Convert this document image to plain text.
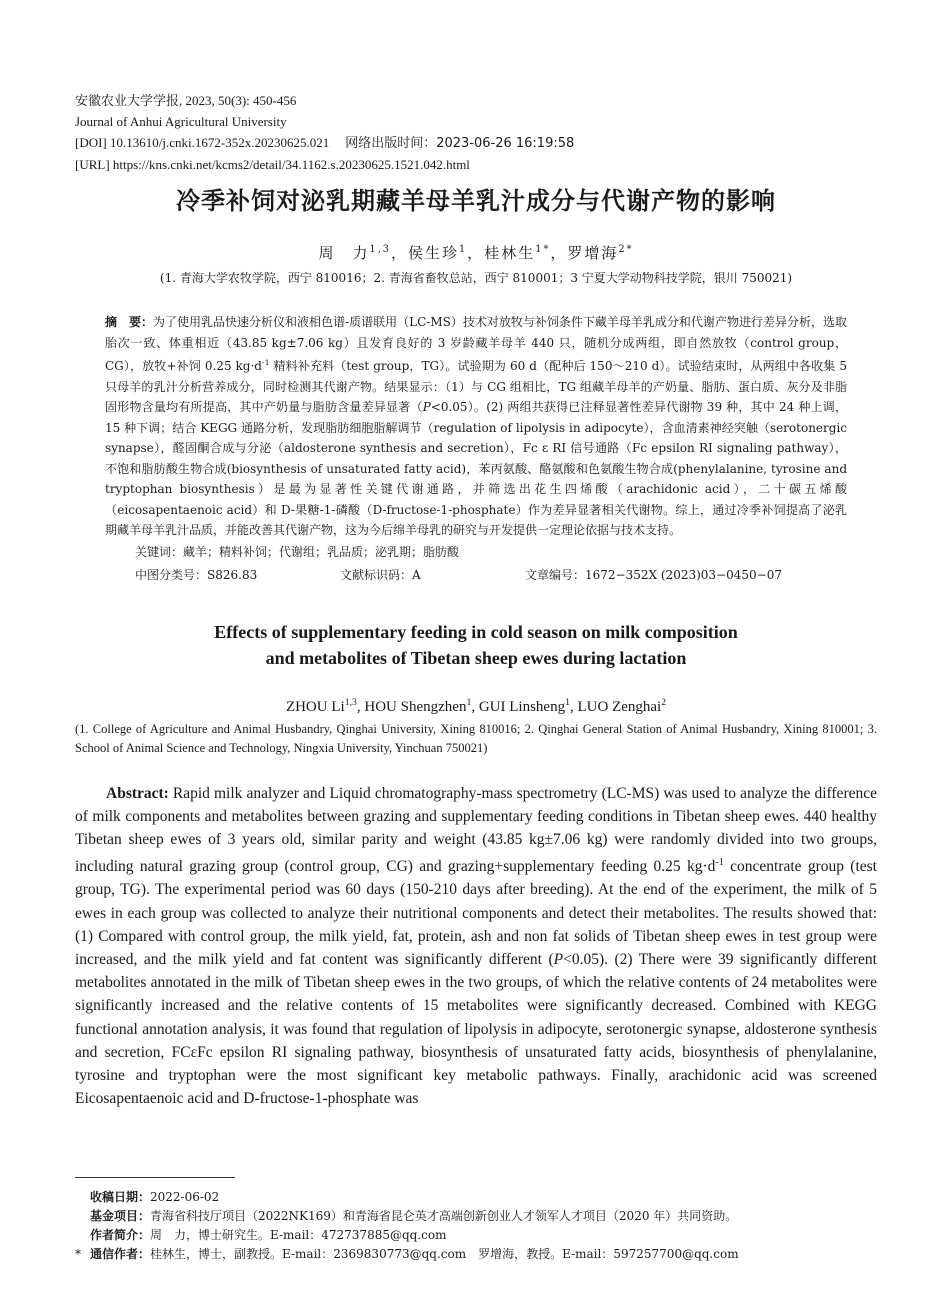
安徽农业大学学报, 2023, 50(3): 450-456
Journal of Anhui Agricultural University
[DOI] 10.13610/j.cnki.1672-352x.20230625.021 网络出版时间：2023-06-26 16:19:58
[URL] https://kns.cnki.net/kcms2/detail/34.1162.s.20230625.1521.042.html
冷季补饲对泌乳期藏羊母羊乳汁成分与代谢产物的影响
周　力$^{1,3}$，侯生珍$^1$，桂林生$^{1*}$，罗增海$^{2*}$
(1. 青海大学农牧学院，西宁 810016；2. 青海省畜牧总站，西宁 810001；3 宁夏大学动物科技学院，银川 750021)
摘　要：为了使用乳品快速分析仪和液相色谱-质谱联用（LC-MS）技术对放牧与补饲条件下藏羊母羊乳成分和代谢产物进行差异分析，选取胎次一致、体重相近（43.85 kg±7.06 kg）且发育良好的 3 岁龄藏羊母羊 440 只，随机分成两组，即自然放牧（control group，CG），放牧+补饲 0.25 $kg\cdot d^{-1}$ 精料补充料（test group，TG）。试验期为 60 d（配种后 150～210 d）。试验结束时，从两组中各收集 5 只母羊的乳汁分析营养成分，同时检测其代谢产物。结果显示：（1）与 CG 组相比，TG 组藏羊母羊的产奶量、脂肪、蛋白质、灰分及非脂固形物含量均有所提高，其中产奶量与脂肪含量差异显著（P<0.05）。(2) 两组共获得已注释显著性差异代谢物 39 种，其中 24 种上调，15 种下调；结合 KEGG 通路分析，发现脂肪细胞脂解调节（regulation of lipolysis in adipocyte），含血清素神经突触（serotonergic synapse），醛固酮合成与分泌（aldosterone synthesis and secretion），Fc ε RI 信号通路（Fc epsilon RI signaling pathway），不饱和脂肪酸生物合成(biosynthesis of unsaturated fatty acid)，苯丙氨酸、酪氨酸和色氨酸生物合成(phenylalanine, tyrosine and tryptophan biosynthesis）是最为显著性关键代谢通路，并筛选出花生四烯酸（arachidonic acid），二十碳五烯酸（eicosapentaenoic acid）和 D-果糖-1-磷酸（D-fructose-1-phosphate）作为差异显著相关代谢物。综上，通过冷季补饲提高了泌乳期藏羊母羊乳汁品质，并能改善其代谢产物，这为今后绵羊母乳的研究与开发提供一定理论依据与技术支持。
关键词：藏羊；精料补饲；代谢组；乳品质；泌乳期；脂肪酸
中图分类号：S826.83	文献标识码：A	文章编号：1672−352X (2023)03−0450−07
Effects of supplementary feeding in cold season on milk composition
and metabolites of Tibetan sheep ewes during lactation
ZHOU Li$^{1,3}$, HOU Shengzhen$^1$, GUI Linsheng$^1$, LUO Zenghai$^2$
(1. College of Agriculture and Animal Husbandry, Qinghai University, Xining 810016; 2. Qinghai General Station of Animal Husbandry, Xining 810001; 3. School of Animal Science and Technology, Ningxia University, Yinchuan 750021)
Abstract: Rapid milk analyzer and Liquid chromatography-mass spectrometry (LC-MS) was used to analyze the difference of milk components and metabolites between grazing and supplementary feeding conditions in Tibetan sheep ewes. 440 healthy Tibetan sheep ewes of 3 years old, similar parity and weight (43.85 kg±7.06 kg) were randomly divided into two groups, including natural grazing group (control group, CG) and grazing+supplementary feeding 0.25 $kg\cdot d^{-1}$ concentrate group (test group, TG). The experimental period was 60 days (150-210 days after breeding). At the end of the experiment, the milk of 5 ewes in each group was collected to analyze their nutritional components and detect their metabolites. The results showed that:(1) Compared with control group, the milk yield, fat, protein, ash and non fat solids of Tibetan sheep ewes in test group were increased, and the milk yield and fat content was significantly different (P<0.05). (2) There were 39 significantly different metabolites annotated in the milk of Tibetan sheep ewes in the two groups, of which the relative contents of 24 metabolites were significantly increased and the relative contents of 15 metabolites were significantly decreased. Combined with KEGG functional annotation analysis, it was found that regulation of lipolysis in adipocyte, serotonergic synapse, aldosterone synthesis and secretion, FCεFc epsilon RI signaling pathway, biosynthesis of unsaturated fatty acids, biosynthesis of phenylalanine, tyrosine and tryptophan were the most significant key metabolic pathways. Finally, arachidonic acid was screened Eicosapentaenoic acid and D-fructose-1-phosphate was
收稿日期：2022-06-02
基金项目：青海省科技厅项目（2022NK169）和青海省昆仑英才高端创新创业人才领军人才项目（2020 年）共同资助。
作者简介：周　力，博士研究生。E-mail：472737885@qq.com
* 通信作者：桂林生，博士，副教授。E-mail：2369830773@qq.com　罗增海，教授。E-mail：597257700@qq.com
